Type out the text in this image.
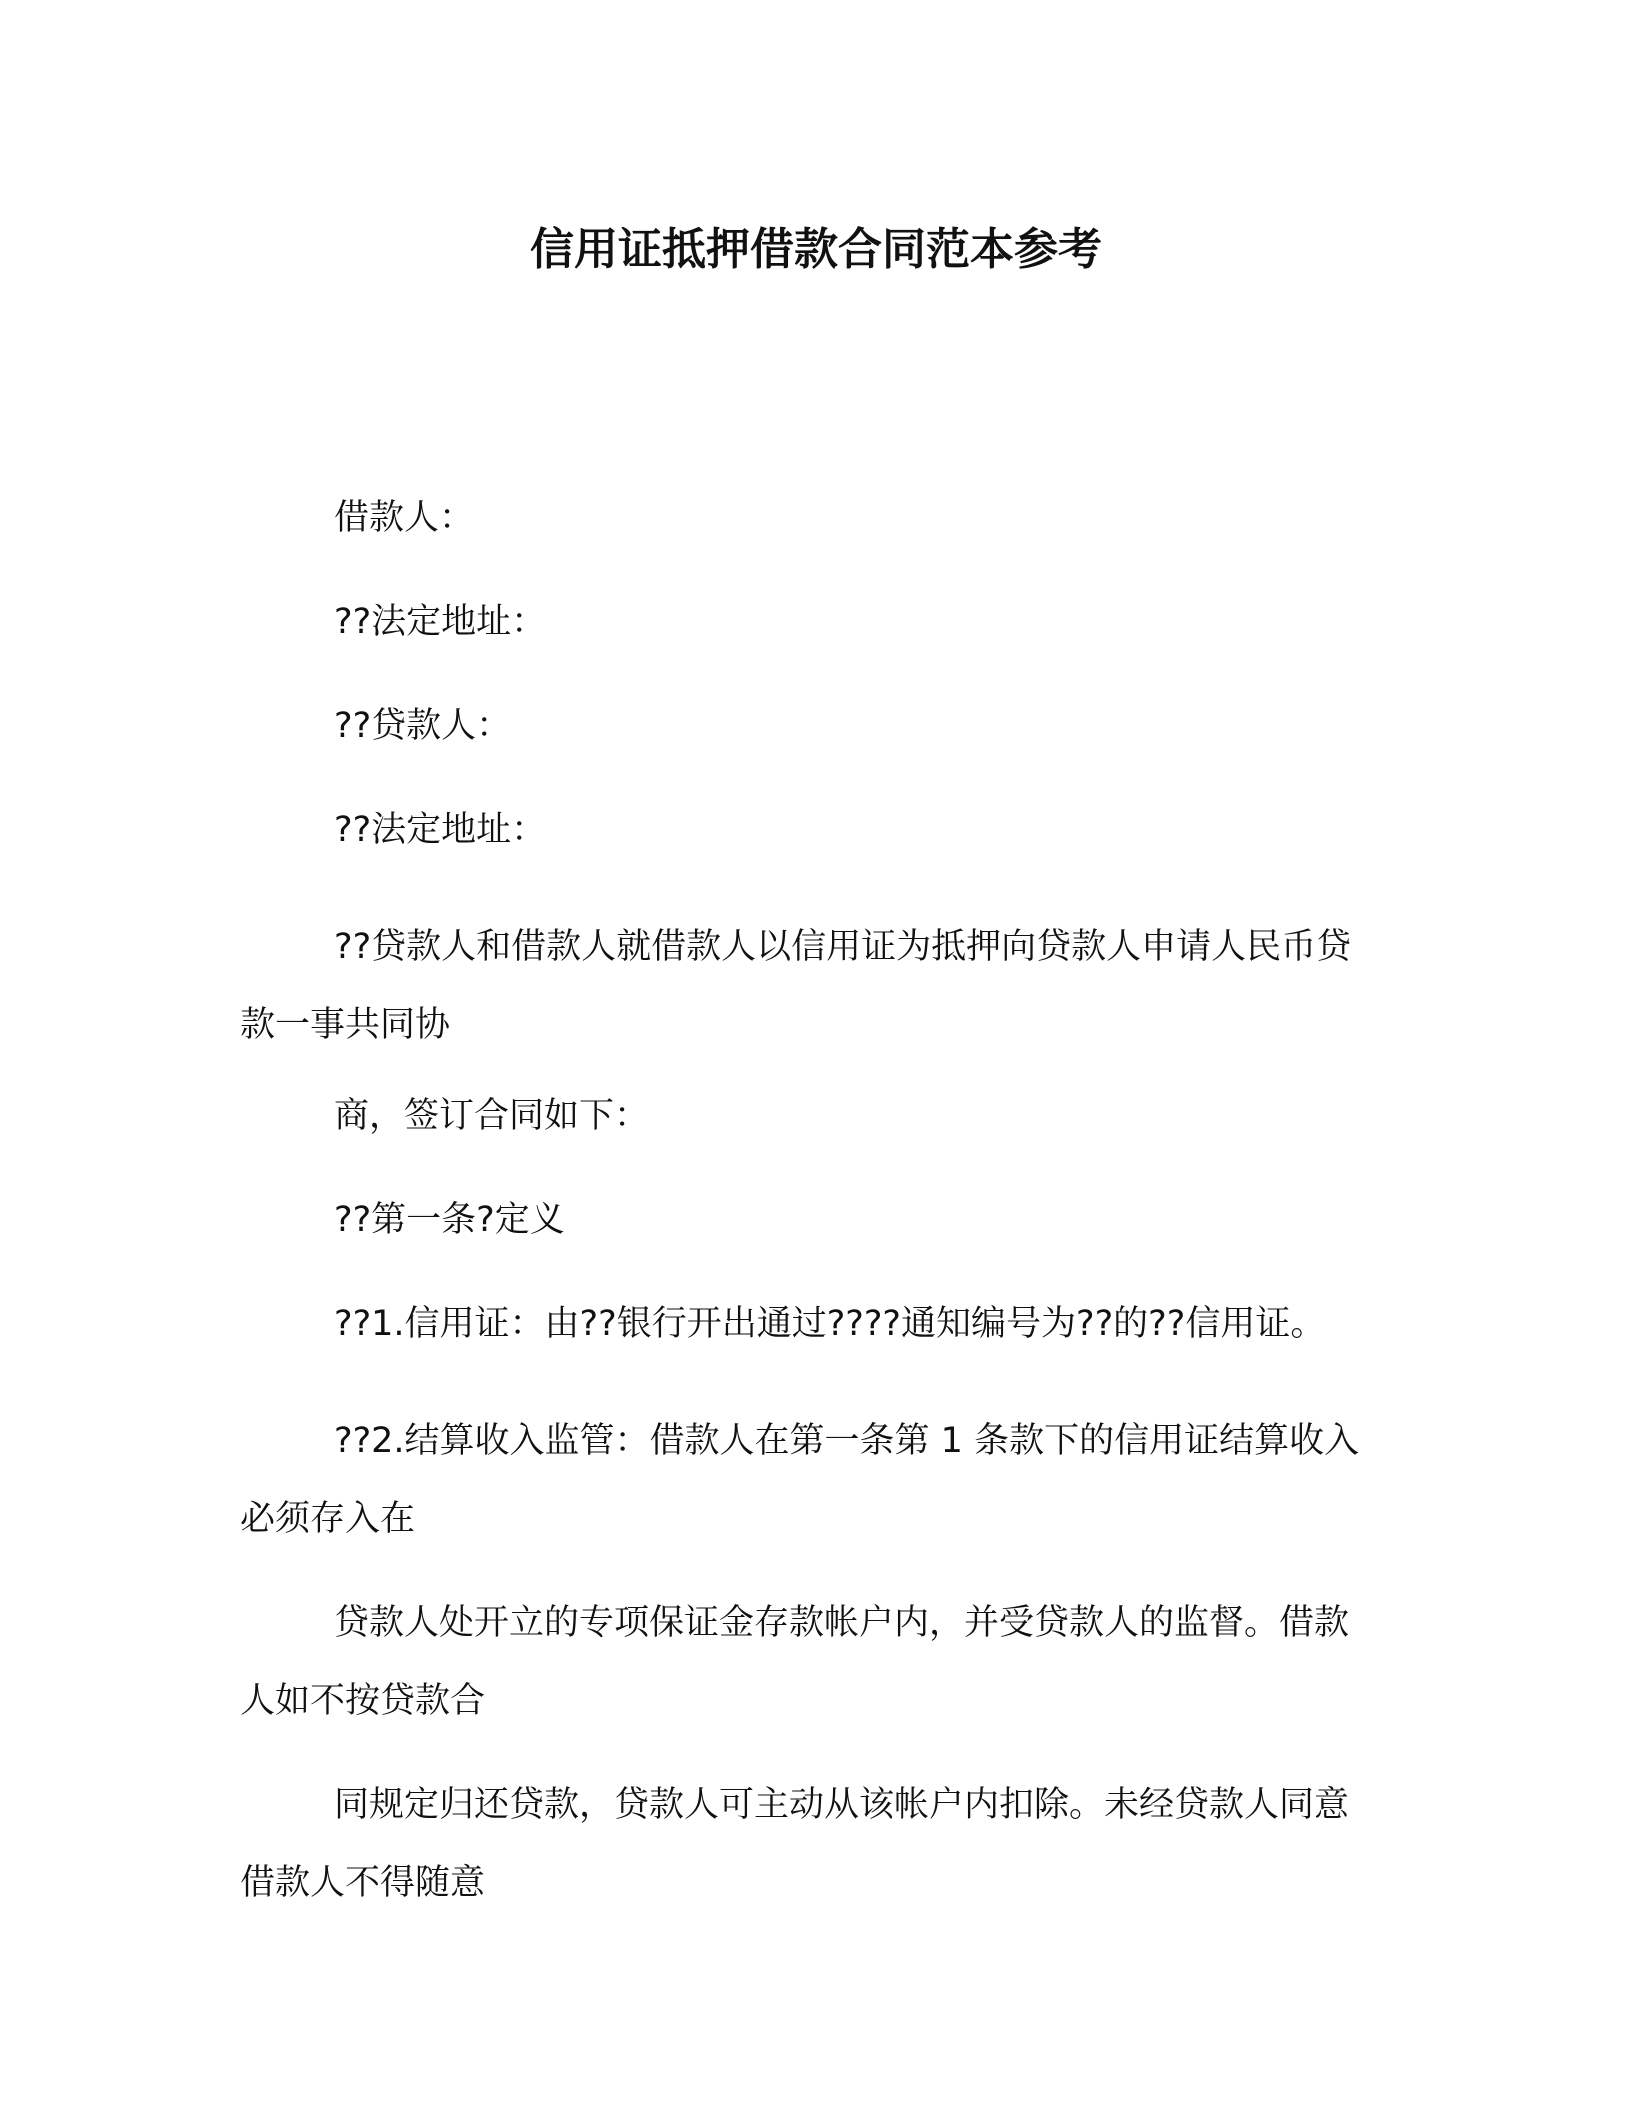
信用证抵押借款合同范本参考

借款人：

??法定地址：

??贷款人：

??法定地址：

??贷款人和借款人就借款人以信用证为抵押向贷款人申请人民币贷款一事共同协

商，签订合同如下：

??第一条?定义

??1.信用证：由??银行开出通过????通知编号为??的??信用证。

??2.结算收入监管：借款人在第一条第 1 条款下的信用证结算收入必须存入在

贷款人处开立的专项保证金存款帐户内，并受贷款人的监督。借款人如不按贷款合

同规定归还贷款，贷款人可主动从该帐户内扣除。未经贷款人同意借款人不得随意
